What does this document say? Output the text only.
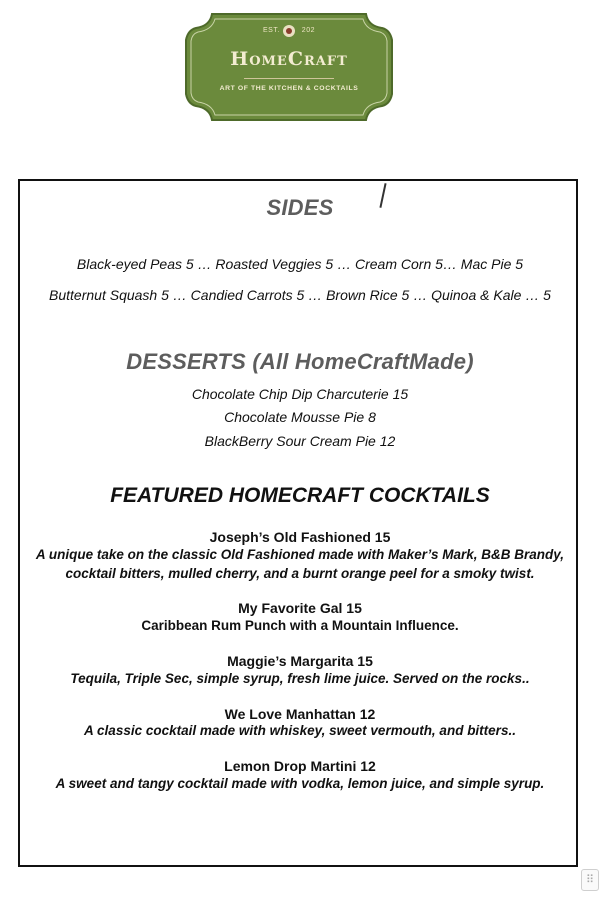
EST.	202
HomeCraft
ART OF THE KITCHEN & COCKTAILS
SIDES
Black-eyed Peas 5 … Roasted Veggies 5 … Cream Corn 5… Mac Pie 5
Butternut Squash 5 … Candied Carrots 5 … Brown Rice 5 … Quinoa & Kale … 5
DESSERTS (All HomeCraftMade)
Chocolate Chip Dip Charcuterie 15
Chocolate Mousse Pie 8
BlackBerry Sour Cream Pie 12
FEATURED HOMECRAFT COCKTAILS
Joseph’s Old Fashioned 15
A unique take on the classic Old Fashioned made with Maker’s Mark, B&B Brandy,
cocktail bitters, mulled cherry, and a burnt orange peel for a smoky twist.
My Favorite Gal 15
Caribbean Rum Punch with a Mountain Influence.
Maggie’s Margarita 15
Tequila, Triple Sec, simple syrup, fresh lime juice. Served on the rocks..
We Love Manhattan 12
A classic cocktail made with whiskey, sweet vermouth, and bitters..
Lemon Drop Martini 12
A sweet and tangy cocktail made with vodka, lemon juice, and simple syrup.
⠿
